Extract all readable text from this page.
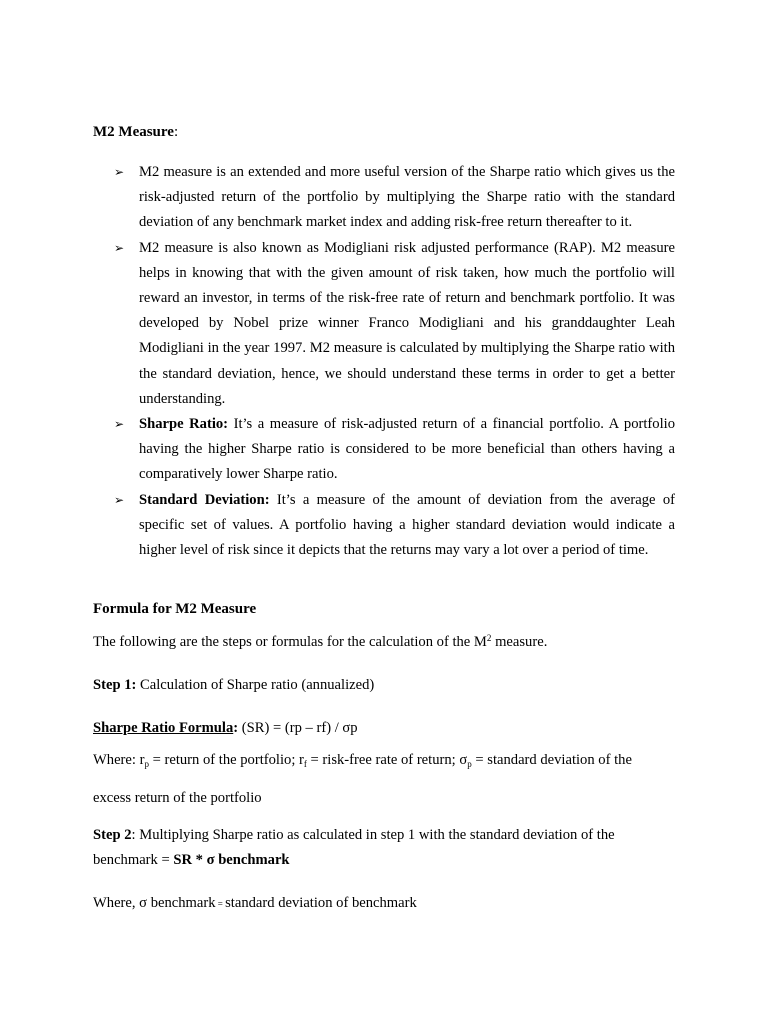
M2 Measure:
➢ M2 measure is an extended and more useful version of the Sharpe ratio which gives us the risk-adjusted return of the portfolio by multiplying the Sharpe ratio with the standard deviation of any benchmark market index and adding risk-free return thereafter to it.
➢ M2 measure is also known as Modigliani risk adjusted performance (RAP). M2 measure helps in knowing that with the given amount of risk taken, how much the portfolio will reward an investor, in terms of the risk-free rate of return and benchmark portfolio. It was developed by Nobel prize winner Franco Modigliani and his granddaughter Leah Modigliani in the year 1997. M2 measure is calculated by multiplying the Sharpe ratio with the standard deviation, hence, we should understand these terms in order to get a better understanding.
➢ Sharpe Ratio: It’s a measure of risk-adjusted return of a financial portfolio. A portfolio having the higher Sharpe ratio is considered to be more beneficial than others having a comparatively lower Sharpe ratio.
➢ Standard Deviation: It’s a measure of the amount of deviation from the average of specific set of values. A portfolio having a higher standard deviation would indicate a higher level of risk since it depicts that the returns may vary a lot over a period of time.
Formula for M2 Measure
The following are the steps or formulas for the calculation of the $M^2$ measure.
Step 1: Calculation of Sharpe ratio (annualized)
Sharpe Ratio Formula: (SR) = (rp – rf) / σp
Where: $r_p$ = return of the portfolio; $r_f$ = risk-free rate of return; $\sigma_p$ = standard deviation of the
excess return of the portfolio
Step 2: Multiplying Sharpe ratio as calculated in step 1 with the standard deviation of the
benchmark = SR * σ benchmark
Where, σ benchmark = standard deviation of benchmark
